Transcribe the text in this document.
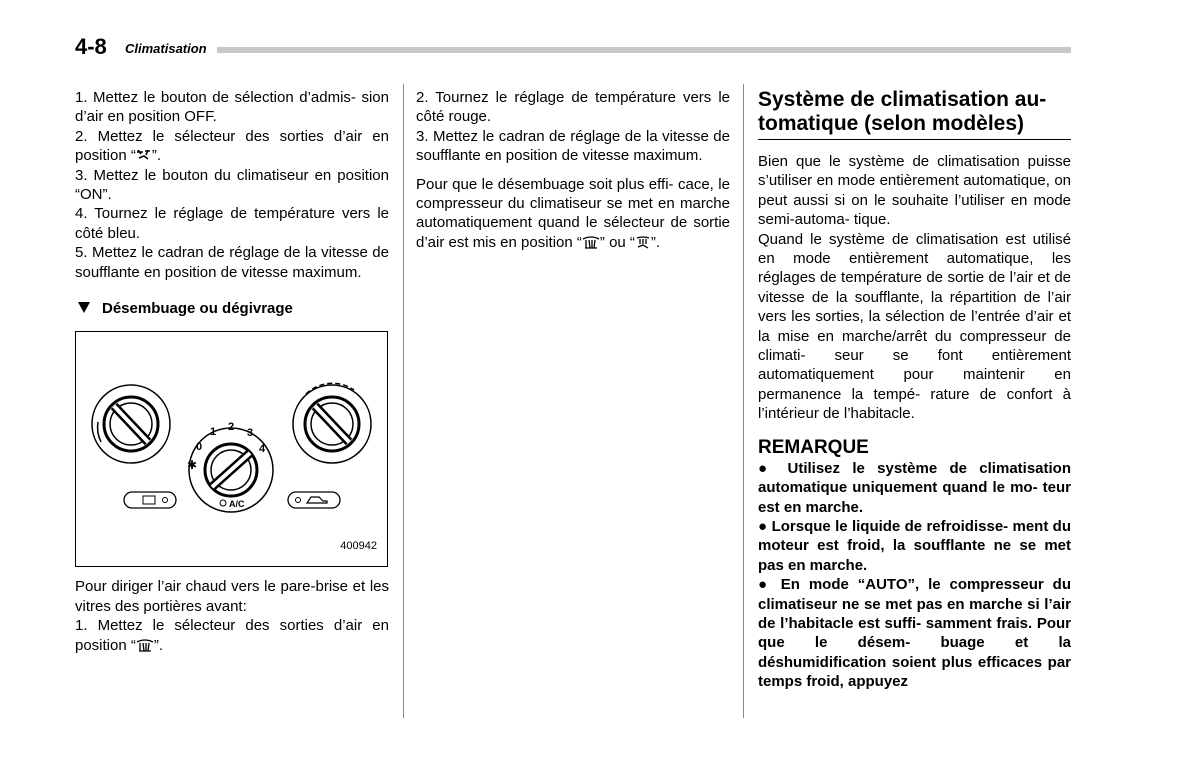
4-8 Climatisation

1. Mettez le bouton de sélection d’admis- sion d’air en position OFF.

2. Mettez le sélecteur des sorties d’air en position “ ”.

3. Mettez le bouton du climatiseur en position “ON”.

4. Tournez le réglage de température vers le côté bleu.

5. Mettez le cadran de réglage de la vitesse de soufflante en position de vitesse maximum.

Désembuage ou dégivrage
0
1 2 3
4
✱
A/C
400942

Pour diriger l’air chaud vers le pare-brise et les vitres des portières avant:

1. Mettez le sélecteur des sorties d’air en position “ ”.

2. Tournez le réglage de température vers le côté rouge.

3. Mettez le cadran de réglage de la vitesse de soufflante en position de vitesse maximum.

Pour que le désembuage soit plus effi- cace, le compresseur du climatiseur se met en marche automatiquement quand le sélecteur de sortie d’air est mis en position “ ” ou “ ”.

Système de climatisation au- tomatique (selon modèles)

Bien que le système de climatisation puisse s’utiliser en mode entièrement automatique, on peut aussi si on le souhaite l’utiliser en mode semi-automa- tique.

Quand le système de climatisation est utilisé en mode entièrement automatique, les réglages de température de sortie de l’air et de vitesse de la soufflante, la répartition de l’air vers les sorties, la sélection de l’entrée d’air et la mise en marche/arrêt du compresseur de climati- seur se font entièrement automatiquement pour maintenir en permanence la tempé- rature de confort à l’intérieur de l’habitacle.

REMARQUE

● Utilisez le système de climatisation automatique uniquement quand le mo- teur est en marche.

● Lorsque le liquide de refroidisse- ment du moteur est froid, la soufflante ne se met pas en marche.

● En mode “AUTO”, le compresseur du climatiseur ne se met pas en marche si l’air de l’habitacle est suffi- samment frais. Pour que le désem- buage et la déshumidification soient plus efficaces par temps froid, appuyez
